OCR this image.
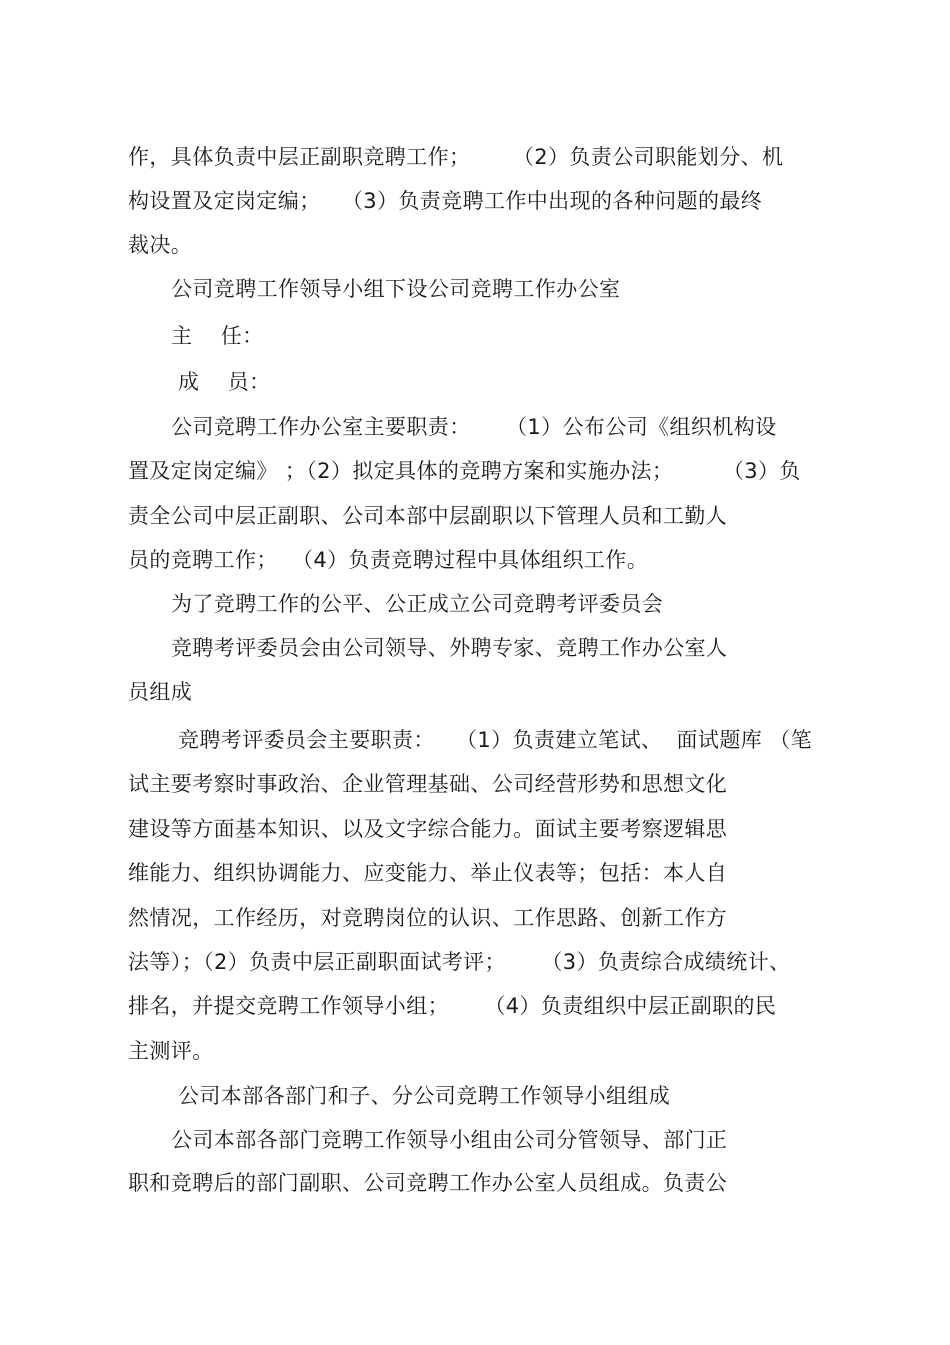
作，具体负责中层正副职竞聘工作；      （2）负责公司职能划分、机
构设置及定岗定编；   （3）负责竞聘工作中出现的各种问题的最终
裁决。
公司竞聘工作领导小组下设公司竞聘工作办公室
主    任：
成    员：
公司竞聘工作办公室主要职责：     （1）公布公司《组织机构设
置及定岗定编》 ；（2）拟定具体的竞聘方案和实施办法；       （3）负
责全公司中层正副职、公司本部中层副职以下管理人员和工勤人
员的竞聘工作；  （4）负责竞聘过程中具体组织工作。
为了竞聘工作的公平、公正成立公司竞聘考评委员会
竞聘考评委员会由公司领导、外聘专家、竞聘工作办公室人
员组成
竞聘考评委员会主要职责：   （1）负责建立笔试、  面试题库 （笔
试主要考察时事政治、企业管理基础、公司经营形势和思想文化
建设等方面基本知识、以及文字综合能力。面试主要考察逻辑思
维能力、组织协调能力、应变能力、举止仪表等；包括：本人自
然情况，工作经历，对竞聘岗位的认识、工作思路、创新工作方
法等）；（2）负责中层正副职面试考评；     （3）负责综合成绩统计、
排名，并提交竞聘工作领导小组；     （4）负责组织中层正副职的民
主测评。
公司本部各部门和子、分公司竞聘工作领导小组组成
公司本部各部门竞聘工作领导小组由公司分管领导、部门正
职和竞聘后的部门副职、公司竞聘工作办公室人员组成。负责公
